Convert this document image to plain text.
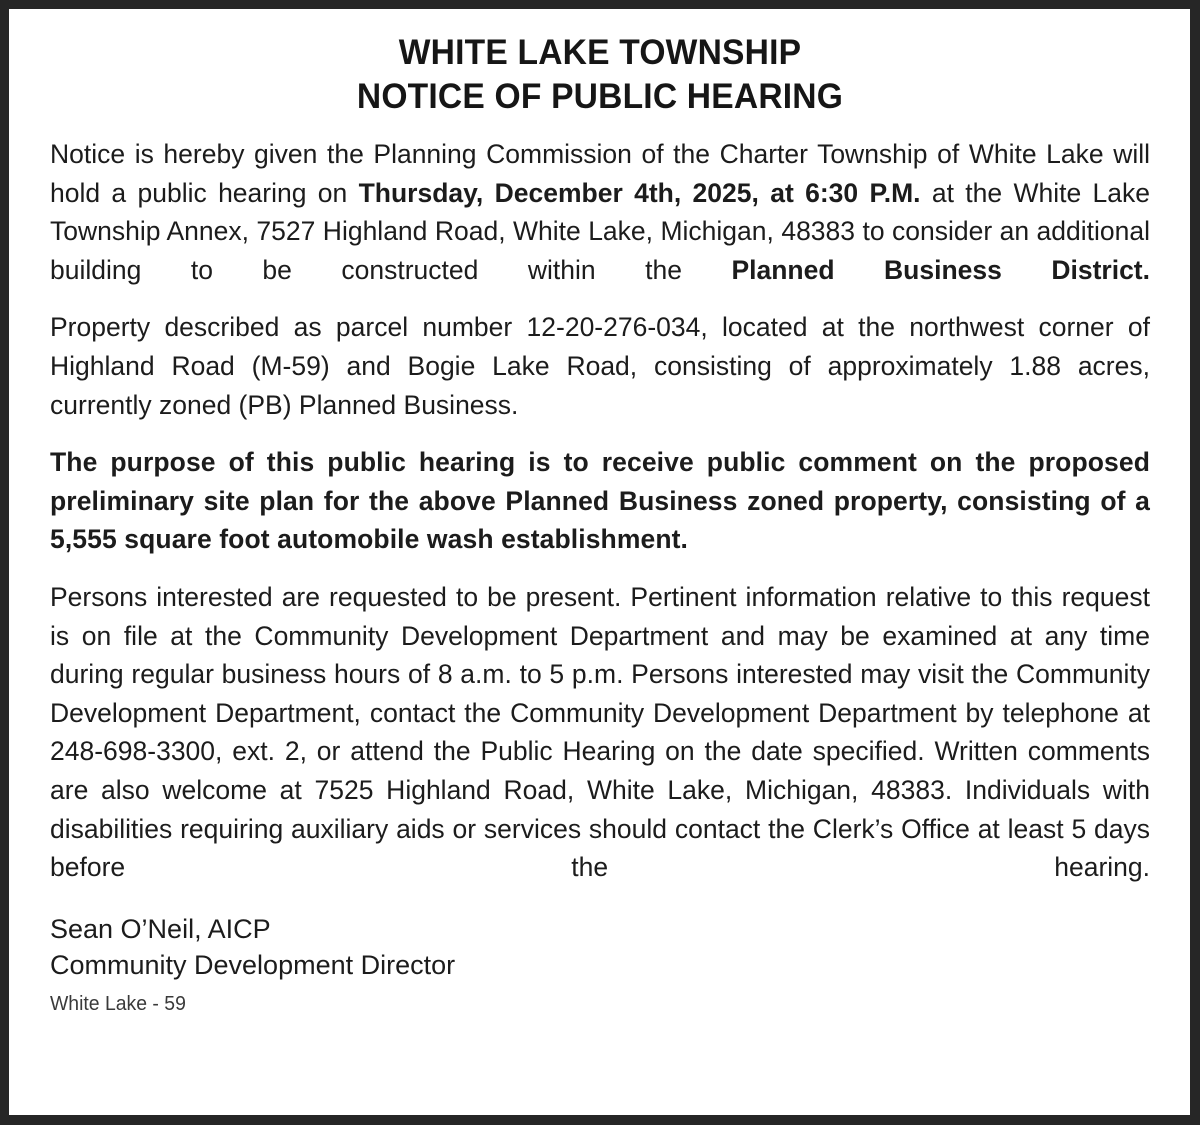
WHITE LAKE TOWNSHIP
NOTICE OF PUBLIC HEARING

Notice is hereby given the Planning Commission of the Charter Township of White Lake will hold a public hearing on Thursday, December 4th, 2025, at 6:30 P.M. at the White Lake Township Annex, 7527 Highland Road, White Lake, Michigan, 48383 to consider an additional building to be constructed within the Planned Business District.

Property described as parcel number 12-20-276-034, located at the northwest corner of Highland Road (M-59) and Bogie Lake Road, consisting of approximately 1.88 acres, currently zoned (PB) Planned Business.

The purpose of this public hearing is to receive public comment on the proposed preliminary site plan for the above Planned Business zoned property, consisting of a 5,555 square foot automobile wash establishment.

Persons interested are requested to be present. Pertinent information relative to this request is on file at the Community Development Department and may be examined at any time during regular business hours of 8 a.m. to 5 p.m. Persons interested may visit the Community Development Department, contact the Community Development Department by telephone at 248-698-3300, ext. 2, or attend the Public Hearing on the date specified. Written comments are also welcome at 7525 Highland Road, White Lake, Michigan, 48383. Individuals with disabilities requiring auxiliary aids or services should contact the Clerk’s Office at least 5 days before the hearing.

Sean O’Neil, AICP
Community Development Director
White Lake - 59
